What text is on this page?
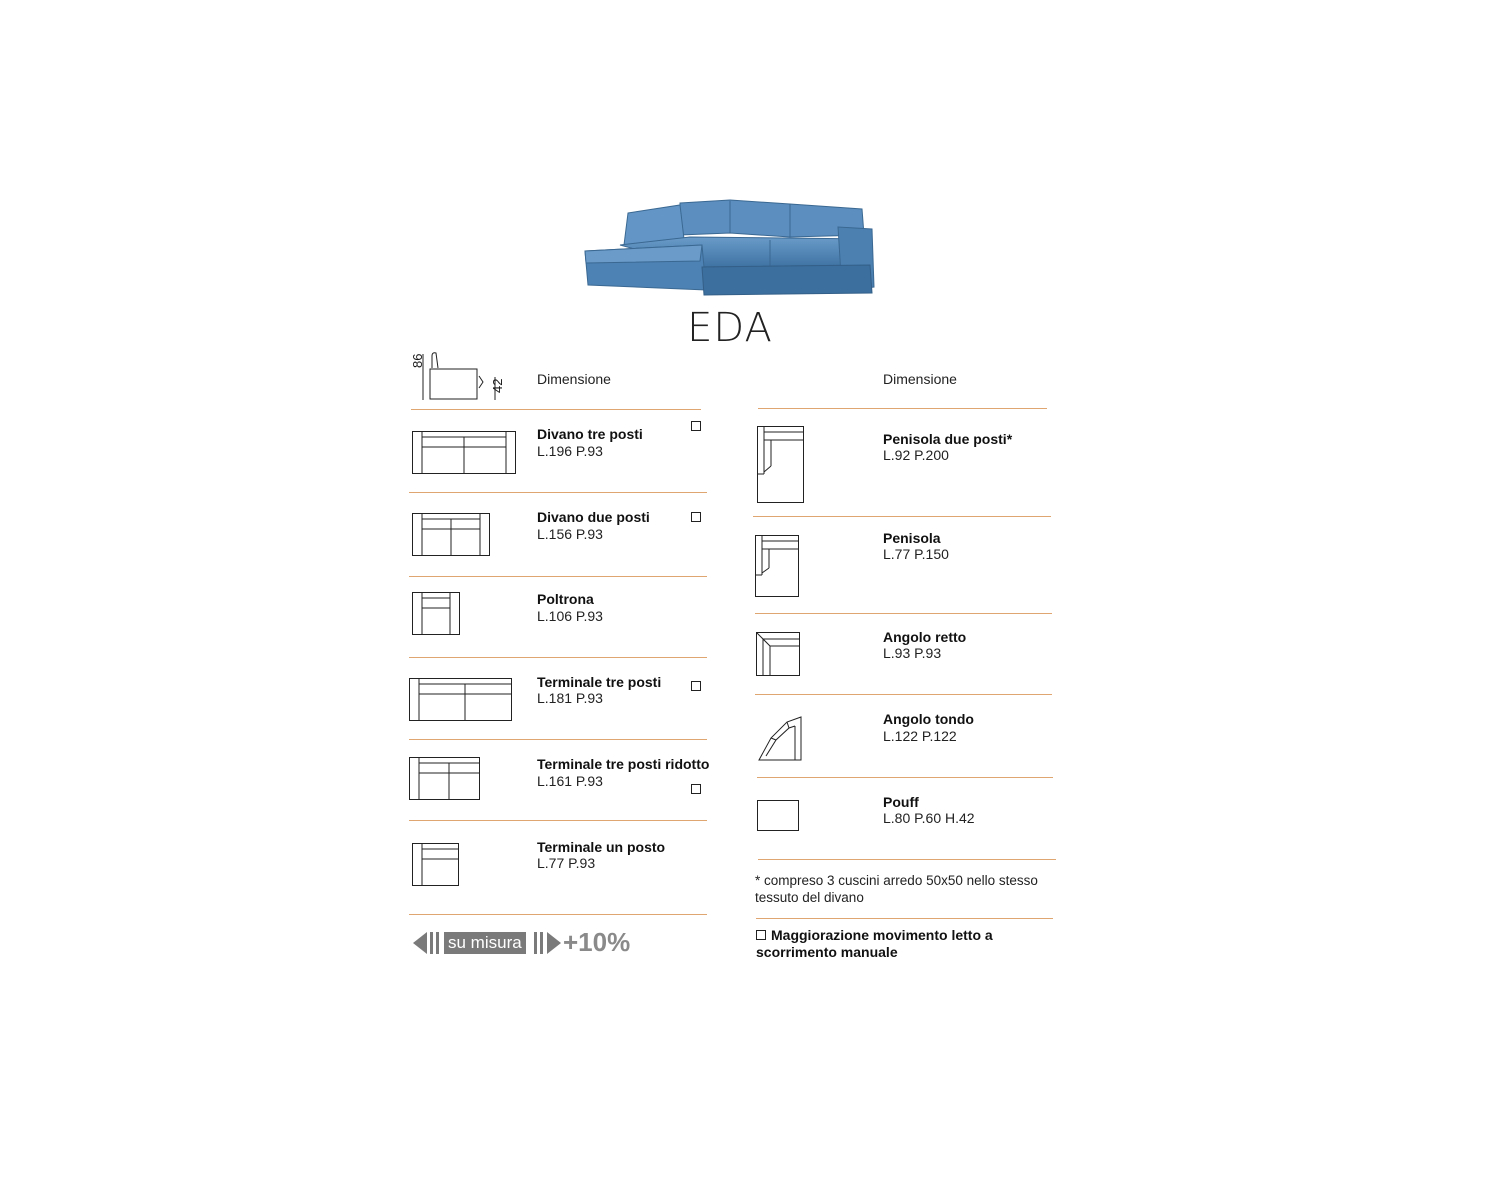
EDA
86
42 Dimensione	Dimensione
Divano tre posti
L.196 P.93
Divano due posti
L.156 P.93
Poltrona
L.106 P.93
Terminale tre posti
L.181 P.93
Terminale tre posti ridotto
L.161 P.93
Terminale un posto
L.77 P.93
Penisola due posti*
L.92 P.200
Penisola
L.77 P.150
Angolo retto
L.93 P.93
Angolo tondo
L.122 P.122
Pouff
L.80 P.60 H.42
* compreso 3 cuscini arredo 50x50 nello stesso tessuto del divano
Maggiorazione movimento letto a scorrimento manuale
su misura +10%
